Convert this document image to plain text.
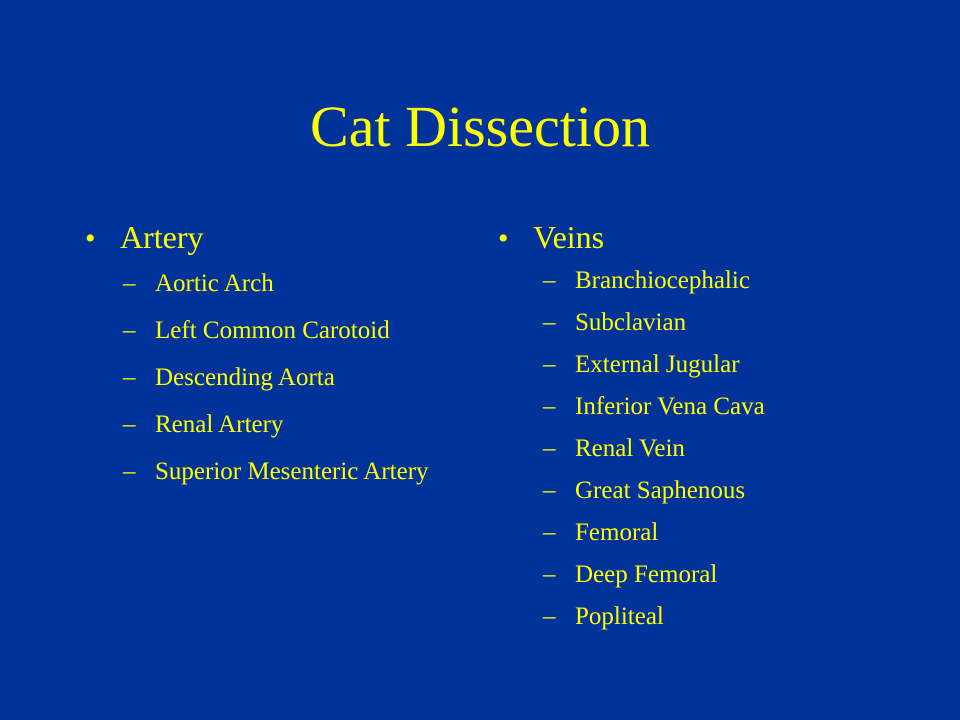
Cat Dissection
• Artery
– Aortic Arch
– Left Common Carotoid
– Descending Aorta
– Renal Artery
– Superior Mesenteric Artery
• Veins
– Branchiocephalic
– Subclavian
– External Jugular
– Inferior Vena Cava
– Renal Vein
– Great Saphenous
– Femoral
– Deep Femoral
– Popliteal
